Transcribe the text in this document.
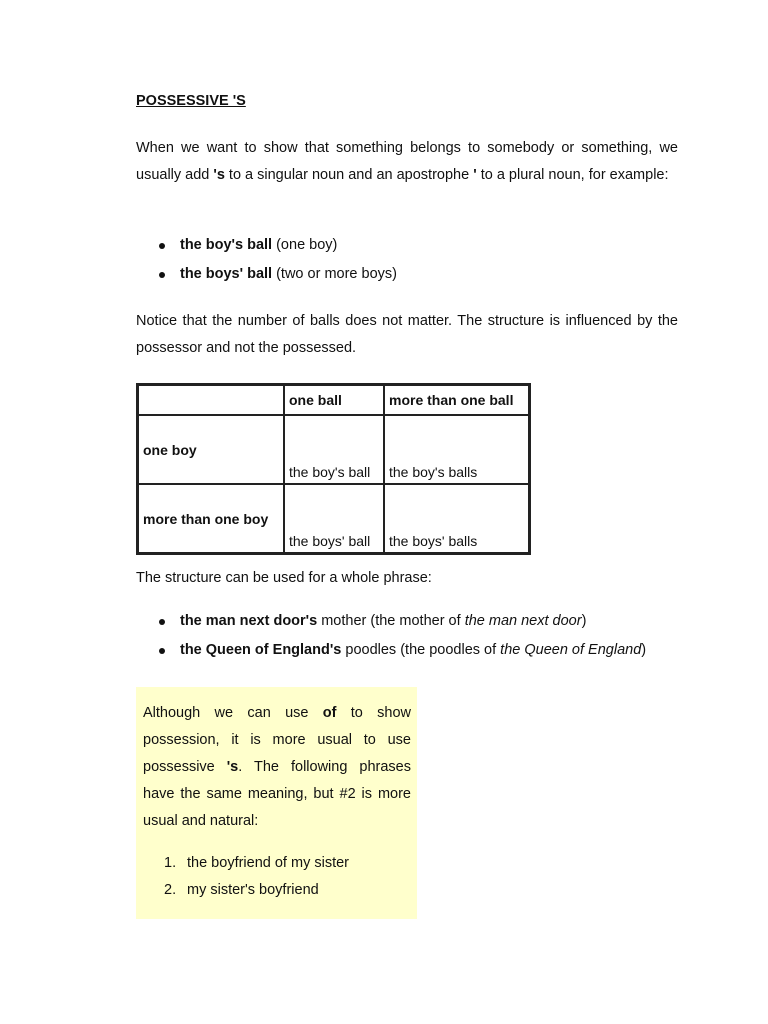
POSSESSIVE 'S

When we want to show that something belongs to somebody or something, we usually add 's to a singular noun and an apostrophe ' to a plural noun, for example:

the boy's ball (one boy)
the boys' ball (two or more boys)

Notice that the number of balls does not matter. The structure is influenced by the possessor and not the possessed.

	one ball	more than one ball
one boy	the boy's ball	the boy's balls
more than one boy	the boys' ball	the boys' balls

The structure can be used for a whole phrase:

the man next door's mother (the mother of the man next door)
the Queen of England's poodles (the poodles of the Queen of England)

Although we can use of to show possession, it is more usual to use possessive 's. The following phrases have the same meaning, but #2 is more usual and natural:

1. the boyfriend of my sister
2. my sister's boyfriend
